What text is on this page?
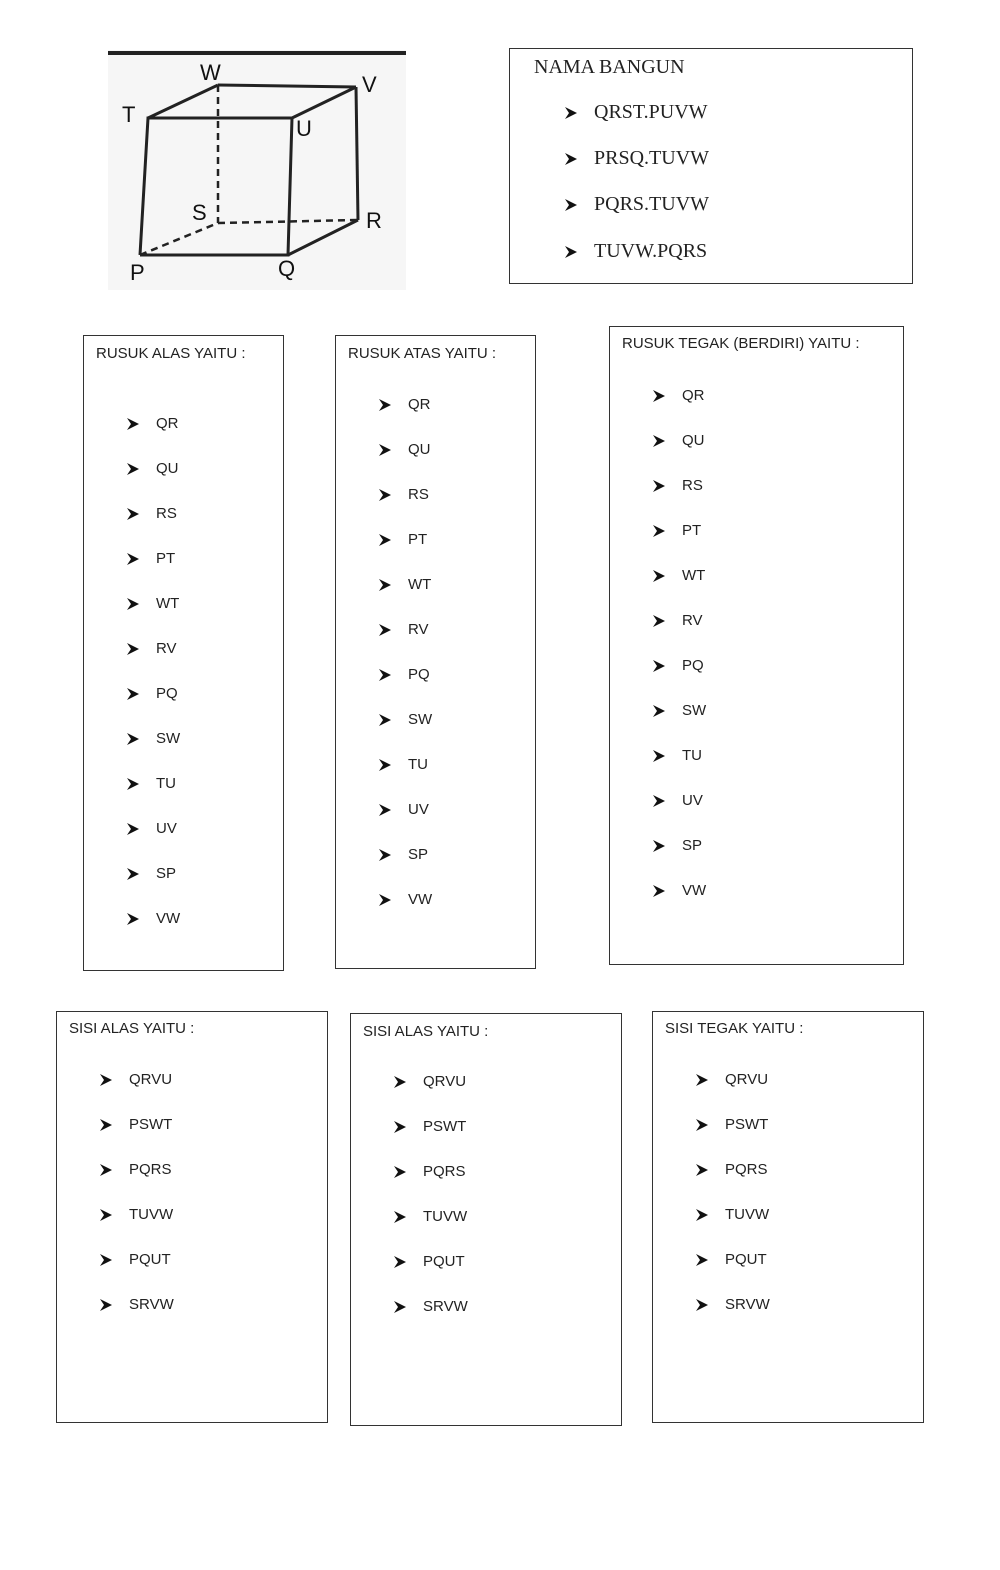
W	V
T
U
S	R
P	Q
NAMA BANGUN
QRST.PUVW
PRSQ.TUVW
PQRS.TUVW
TUVW.PQRS
RUSUK ALAS YAITU :
QR
QU
RS
PT
WT
RV
PQ
SW
TU
UV
SP
VW
RUSUK ATAS YAITU :
QR
QU
RS
PT
WT
RV
PQ
SW
TU
UV
SP
VW
RUSUK TEGAK (BERDIRI) YAITU :
QR
QU
RS
PT
WT
RV
PQ
SW
TU
UV
SP
VW
SISI ALAS YAITU :
QRVU
PSWT
PQRS
TUVW
PQUT
SRVW
SISI ALAS YAITU :
QRVU
PSWT
PQRS
TUVW
PQUT
SRVW
SISI TEGAK YAITU :
QRVU
PSWT
PQRS
TUVW
PQUT
SRVW
